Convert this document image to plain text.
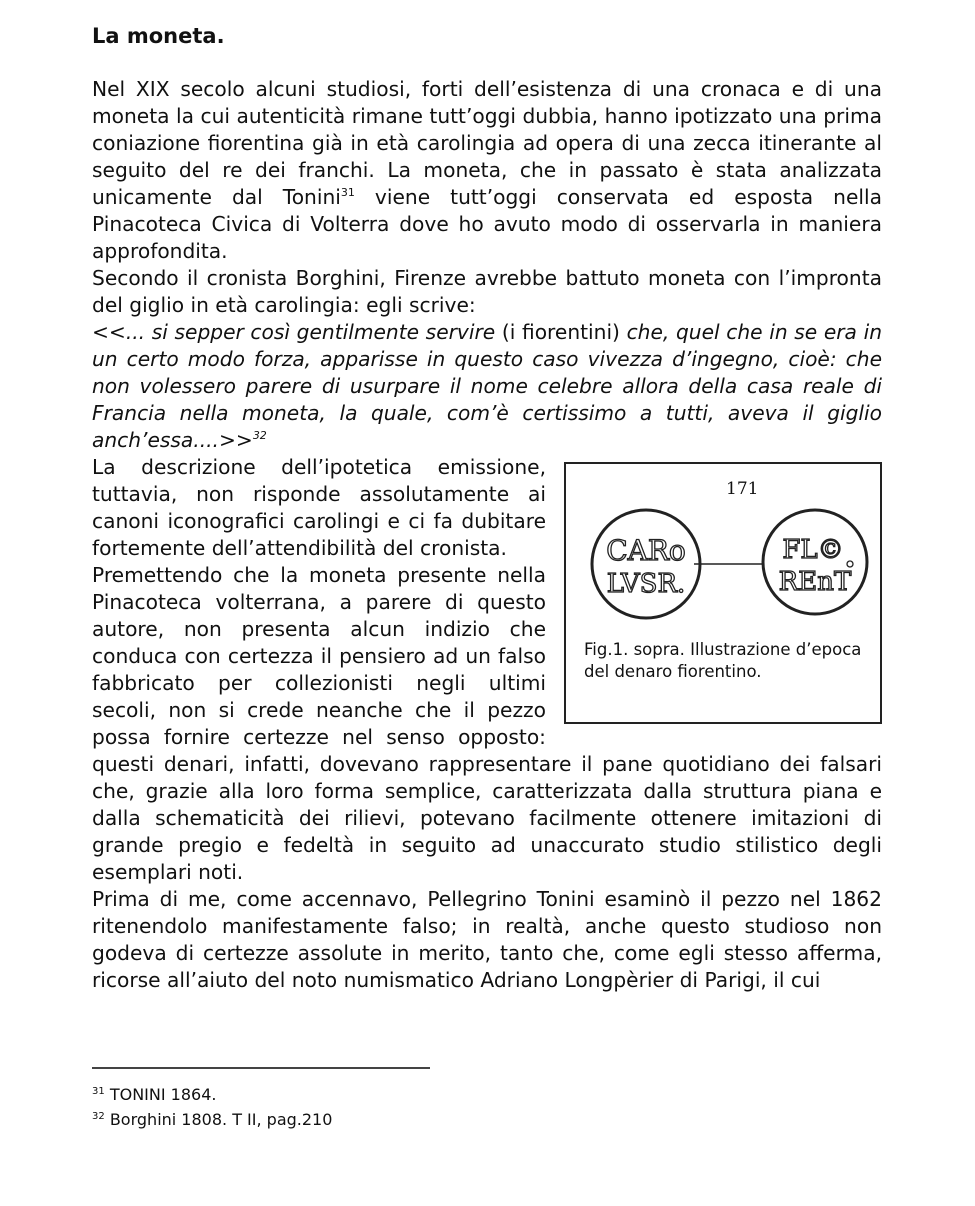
La moneta.

Nel XIX secolo alcuni studiosi, forti dell’esistenza di una cronaca e di una moneta la cui autenticità rimane tutt’oggi dubbia, hanno ipotizzato una prima coniazione fiorentina già in età carolingia ad opera di una zecca itinerante al seguito del re dei franchi. La moneta, che in passato è stata analizzata unicamente dal Tonini$^{31}$ viene tutt’oggi conservata ed esposta nella Pinacoteca Civica di Volterra dove ho avuto modo di osservarla in maniera approfondita.

Secondo il cronista Borghini, Firenze avrebbe battuto moneta con l’impronta del giglio in età carolingia: egli scrive:

<<... si sepper così gentilmente servire (i fiorentini) che, quel che in se era in un certo modo forza, apparisse in questo caso vivezza d’ingegno, cioè: che non volessero parere di usurpare il nome celebre allora della casa reale di Francia nella moneta, la quale, com’è certissimo a tutti, aveva il giglio anch’essa....>>$^{32}$

171
CARo
LVSR.
FL©
REnT
Fig.1. sopra. Illustrazione d’epoca del denaro fiorentino.

La descrizione dell’ipotetica emissione, tuttavia, non risponde assolutamente ai canoni iconografici carolingi e ci fa dubitare fortemente dell’attendibilità del cronista.

Premettendo che la moneta presente nella Pinacoteca volterrana, a parere di questo autore, non presenta alcun indizio che conduca con certezza il pensiero ad un falso fabbricato per collezionisti negli ultimi secoli, non si crede neanche che il pezzo possa fornire certezze nel senso opposto: questi denari, infatti, dovevano rappresentare il pane quotidiano dei falsari che, grazie alla loro forma semplice, caratterizzata dalla struttura piana e dalla schematicità dei rilievi, potevano facilmente ottenere imitazioni di grande pregio e fedeltà in seguito ad unaccurato studio stilistico degli esemplari noti.

Prima di me, come accennavo, Pellegrino Tonini esaminò il pezzo nel 1862 ritenendolo manifestamente falso; in realtà, anche questo studioso non godeva di certezze assolute in merito, tanto che, come egli stesso afferma, ricorse all’aiuto del noto numismatico Adriano Longpèrier di Parigi, il cui

$^{31}$ TONINI 1864.
$^{32}$ Borghini 1808. T II, pag.210
